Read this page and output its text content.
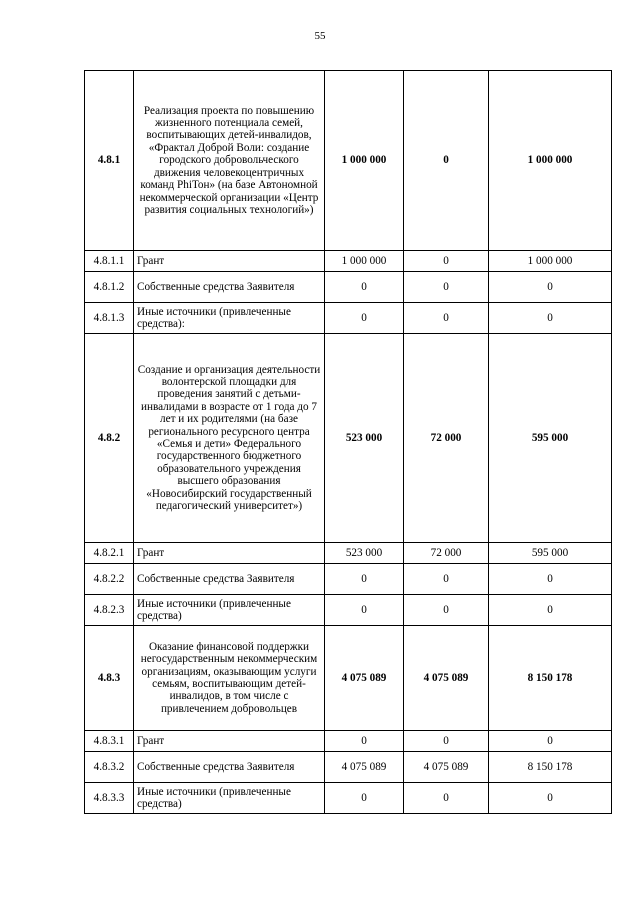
55
4.8.1	Реализация проекта по повышению жизненного потенциала семей, воспитывающих детей-инвалидов, «Фрактал Доброй Воли: создание городского добровольческого движения человекоцентричных команд PhiТон» (на базе Автономной некоммерческой организации «Центр развития социальных технологий»)	1 000 000	0	1 000 000
4.8.1.1	Грант	1 000 000	0	1 000 000
4.8.1.2	Собственные средства Заявителя	0	0	0
4.8.1.3	Иные источники (привлеченные средства):	0	0	0
4.8.2	Создание и организация деятельности волонтерской площадки для проведения занятий с детьми-инвалидами в возрасте от 1 года до 7 лет и их родителями (на базе регионального ресурсного центра «Семья и дети» Федерального государственного бюджетного образовательного учреждения высшего образования «Новосибирский государственный педагогический университет»)	523 000	72 000	595 000
4.8.2.1	Грант	523 000	72 000	595 000
4.8.2.2	Собственные средства Заявителя	0	0	0
4.8.2.3	Иные источники (привлеченные средства)	0	0	0
4.8.3	Оказание финансовой поддержки негосударственным некоммерческим организациям, оказывающим услуги семьям, воспитывающим детей-инвалидов, в том числе с привлечением добровольцев	4 075 089	4 075 089	8 150 178
4.8.3.1	Грант	0	0	0
4.8.3.2	Собственные средства Заявителя	4 075 089	4 075 089	8 150 178
4.8.3.3	Иные источники (привлеченные средства)	0	0	0
